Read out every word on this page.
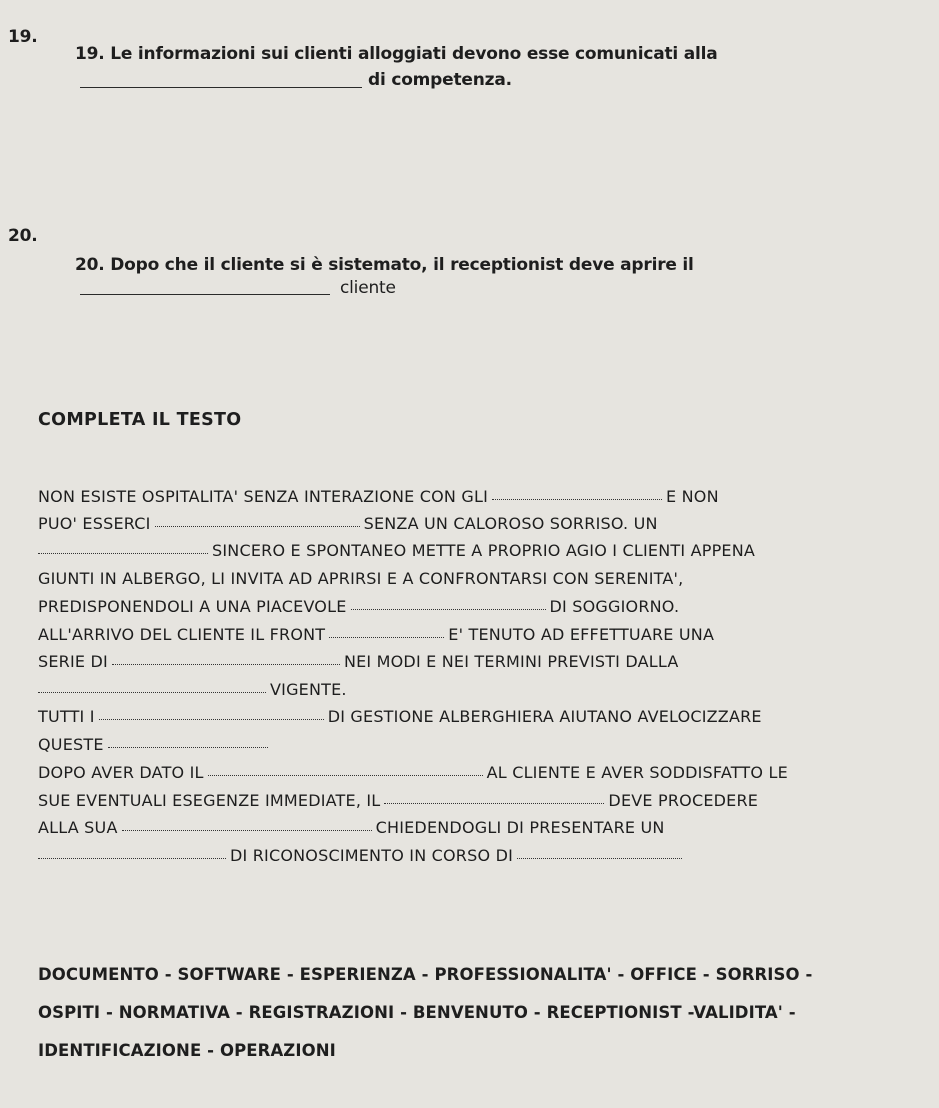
19.
19. Le informazioni sui clienti alloggiati devono esse comunicati alla
di competenza.
20.
20. Dopo che il cliente si è sistemato, il receptionist deve aprire il
cliente
COMPLETA IL TESTO
NON ESISTE OSPITALITA' SENZA INTERAZIONE CON GLI	E NON
PUO' ESSERCI	SENZA UN CALOROSO SORRISO. UN
SINCERO E SPONTANEO METTE A PROPRIO AGIO I CLIENTI APPENA
GIUNTI IN ALBERGO, LI INVITA AD APRIRSI E A CONFRONTARSI CON SERENITA',
PREDISPONENDOLI A UNA PIACEVOLE	DI SOGGIORNO.
ALL'ARRIVO DEL CLIENTE IL FRONT	E' TENUTO AD EFFETTUARE UNA
SERIE DI	NEI MODI E NEI TERMINI PREVISTI DALLA
VIGENTE.
TUTTI I	DI GESTIONE ALBERGHIERA AIUTANO AVELOCIZZARE
QUESTE
DOPO AVER DATO IL	AL CLIENTE E AVER SODDISFATTO LE
SUE EVENTUALI ESEGENZE IMMEDIATE, IL	DEVE PROCEDERE
ALLA SUA	CHIEDENDOGLI DI PRESENTARE UN
DI RICONOSCIMENTO IN CORSO DI
DOCUMENTO - SOFTWARE - ESPERIENZA - PROFESSIONALITA' - OFFICE - SORRISO -
OSPITI - NORMATIVA - REGISTRAZIONI - BENVENUTO - RECEPTIONIST -VALIDITA' -
IDENTIFICAZIONE - OPERAZIONI
